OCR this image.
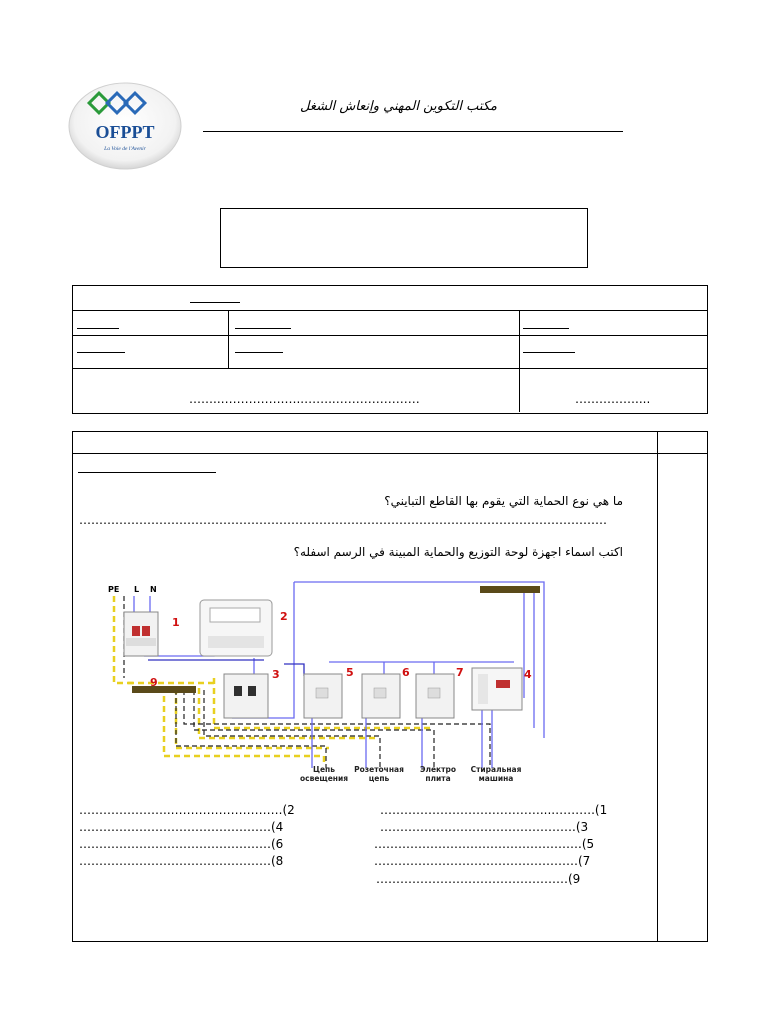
OFPPT
La Voie de l'Avenir
مكتب التكوين المهني وإنعاش الشغل
……..…………….…..……..…………………	……………....
ما هي نوع الحماية التي يقوم بها القاطع التبايني؟
……………………………………………………………………………………………………………………
اكتب اسماء اجهزة لوحة التوزيع والحماية المبينة في الرسم اسفله؟
……………………….…………....……….(1
…………………..……………………….(2
………………………………………….(3
…………………………………………(4
…………………………………………….(5
…………………………………………(6
……………………………………………(7
…………………………………………(8
…………………………………………(9
PE L N
1	2
3
9
5	6	7	4
Цепь
освещения
Розеточная
цепь
Электро
плита
Стиральная
машина
